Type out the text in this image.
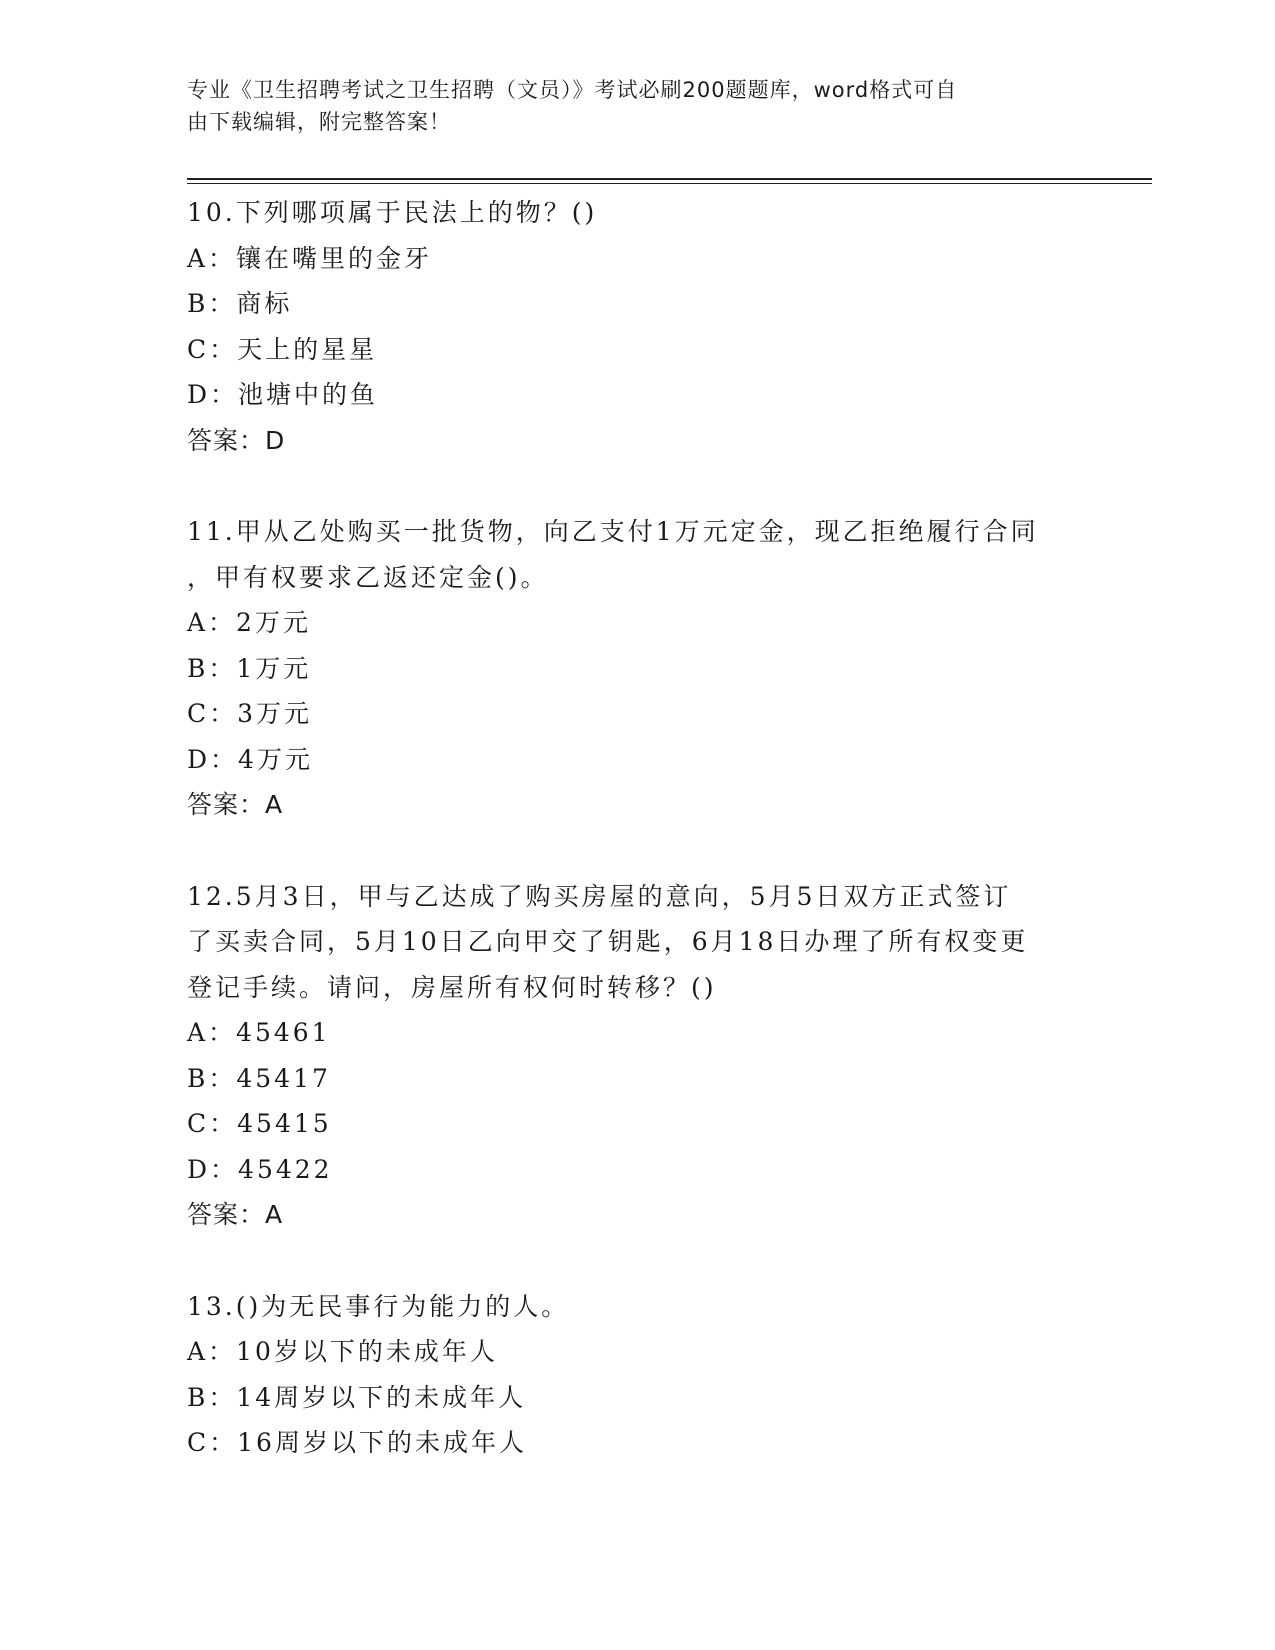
专业《卫生招聘考试之卫生招聘（文员）》考试必刷200题题库，word格式可自
由下载编辑，附完整答案！
10.下列哪项属于民法上的物？()
A：镶在嘴里的金牙
B：商标
C：天上的星星
D：池塘中的鱼
答案：D
11.甲从乙处购买一批货物，向乙支付1万元定金，现乙拒绝履行合同
，甲有权要求乙返还定金()。
A：2万元
B：1万元
C：3万元
D：4万元
答案：A
12.5月3日，甲与乙达成了购买房屋的意向，5月5日双方正式签订
了买卖合同，5月10日乙向甲交了钥匙，6月18日办理了所有权变更
登记手续。请问，房屋所有权何时转移？()
A：45461
B：45417
C：45415
D：45422
答案：A
13.()为无民事行为能力的人。
A：10岁以下的未成年人
B：14周岁以下的未成年人
C：16周岁以下的未成年人
